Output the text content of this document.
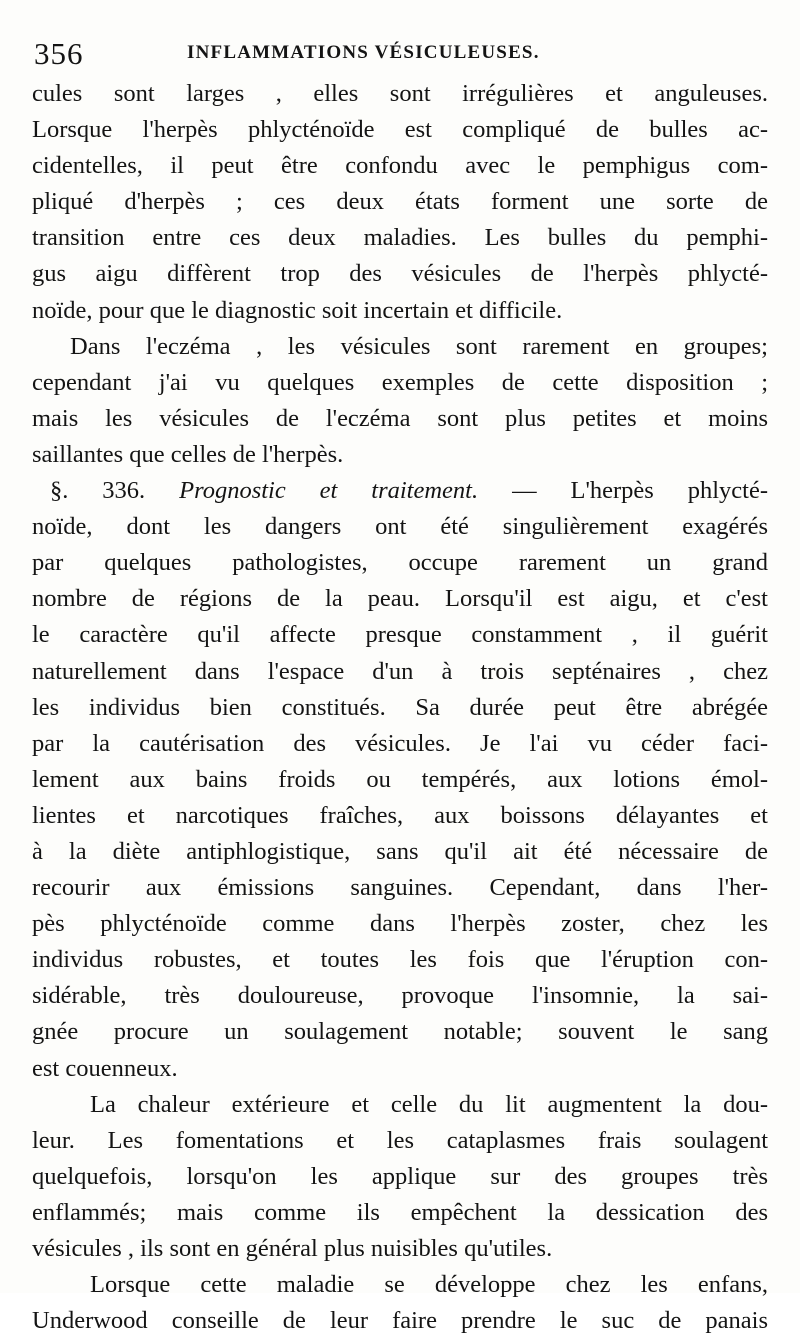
356	INFLAMMATIONS VÉSICULEUSES.
cules sont larges , elles sont irrégulières et anguleuses.
Lorsque l'herpès phlycténoïde est compliqué de bulles ac-
cidentelles, il peut être confondu avec le pemphigus com-
pliqué d'herpès ; ces deux états forment une sorte de
transition entre ces deux maladies. Les bulles du pemphi-
gus aigu diffèrent trop des vésicules de l'herpès phlycté-
noïde, pour que le diagnostic soit incertain et difficile.
Dans l'eczéma , les vésicules sont rarement en groupes;
cependant j'ai vu quelques exemples de cette disposition ;
mais les vésicules de l'eczéma sont plus petites et moins
saillantes que celles de l'herpès.
§. 336. Prognostic et traitement. — L'herpès phlycté-
noïde, dont les dangers ont été singulièrement exagérés
par quelques pathologistes, occupe rarement un grand
nombre de régions de la peau. Lorsqu'il est aigu, et c'est
le caractère qu'il affecte presque constamment , il guérit
naturellement dans l'espace d'un à trois septénaires , chez
les individus bien constitués. Sa durée peut être abrégée
par la cautérisation des vésicules. Je l'ai vu céder faci-
lement aux bains froids ou tempérés, aux lotions émol-
lientes et narcotiques fraîches, aux boissons délayantes et
à la diète antiphlogistique, sans qu'il ait été nécessaire de
recourir aux émissions sanguines. Cependant, dans l'her-
pès phlycténoïde comme dans l'herpès zoster, chez les
individus robustes, et toutes les fois que l'éruption con-
sidérable, très douloureuse, provoque l'insomnie, la sai-
gnée procure un soulagement notable; souvent le sang
est couenneux.
La chaleur extérieure et celle du lit augmentent la dou-
leur. Les fomentations et les cataplasmes frais soulagent
quelquefois, lorsqu'on les applique sur des groupes très
enflammés; mais comme ils empêchent la dessication des
vésicules , ils sont en général plus nuisibles qu'utiles.
Lorsque cette maladie se développe chez les enfans,
Underwood conseille de leur faire prendre le suc de panais
